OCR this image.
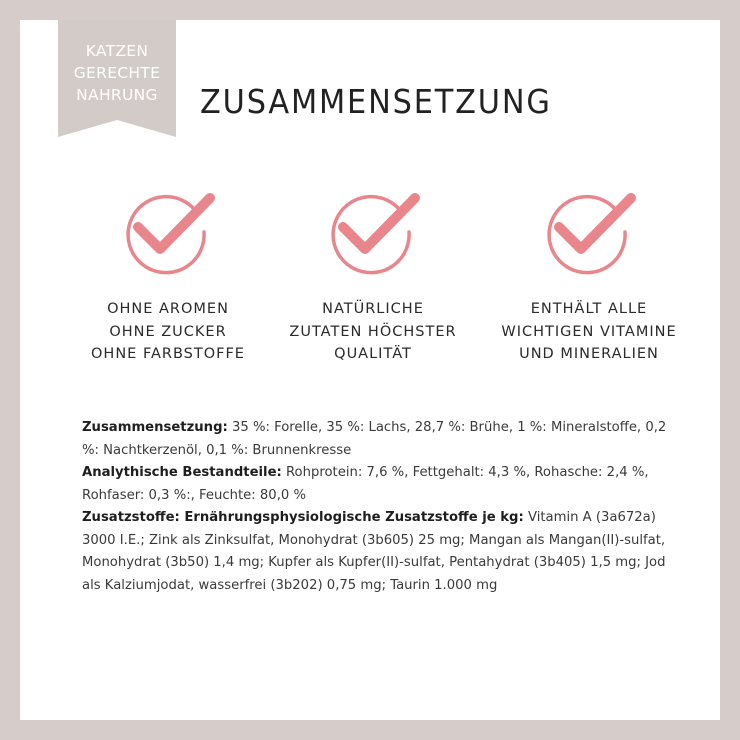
KATZEN
GERECHTE
NAHRUNG	ZUSAMMENSETZUNG
OHNE AROMEN
OHNE ZUCKER
OHNE FARBSTOFFE
NATÜRLICHE
ZUTATEN HÖCHSTER
QUALITÄT
ENTHÄLT ALLE
WICHTIGEN VITAMINE
UND MINERALIEN

Zusammensetzung: 35 %: Forelle, 35 %: Lachs, 28,7 %: Brühe, 1 %: Mineralstoffe, 0,2 %: Nachtkerzenöl, 0,1 %: Brunnenkresse

Analythische Bestandteile: Rohprotein: 7,6 %, Fettgehalt: 4,3 %, Rohasche: 2,4 %, Rohfaser: 0,3 %:, Feuchte: 80,0 %

Zusatzstoffe: Ernährungsphysiologische Zusatzstoffe je kg: Vitamin A (3a672a) 3000 I.E.; Zink als Zinksulfat, Monohydrat (3b605) 25 mg; Mangan als Mangan(II)-sulfat, Monohydrat (3b50) 1,4 mg; Kupfer als Kupfer(II)-sulfat, Pentahydrat (3b405) 1,5 mg; Jod als Kalziumjodat, wasserfrei (3b202) 0,75 mg; Taurin 1.000 mg
